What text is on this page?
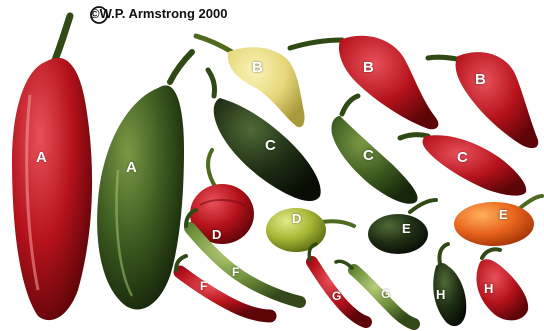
©W.P. Armstrong 2000
A
A
B	B
B
C
C	C
D
D
E
E
F
F
G	G	H	H
